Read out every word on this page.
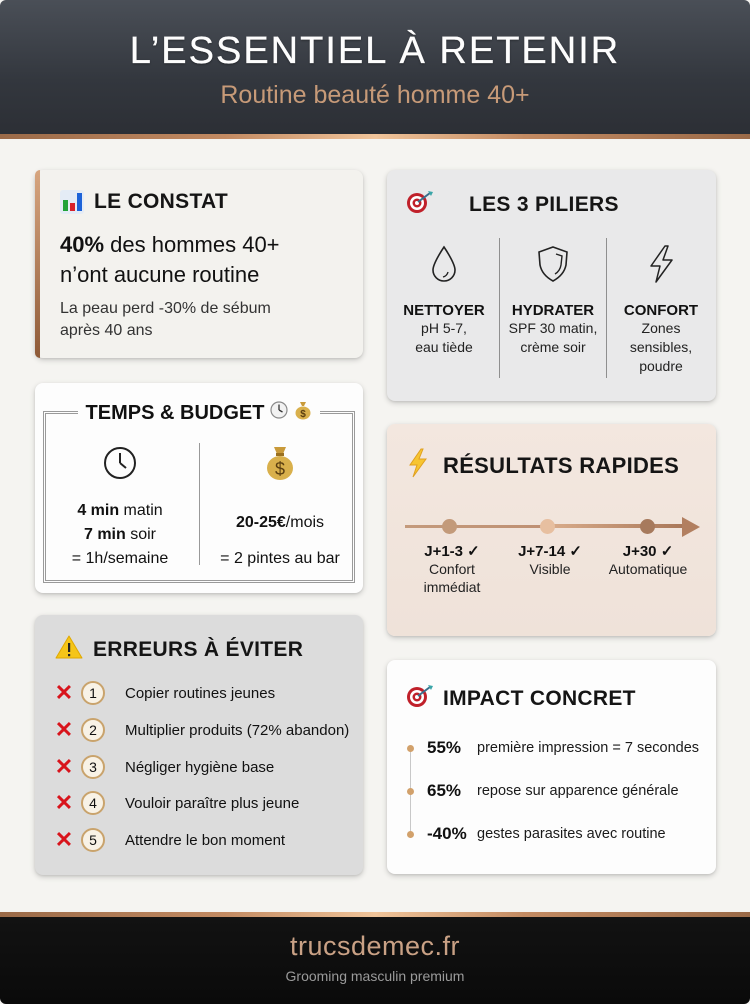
L’ESSENTIEL À RETENIR
Routine beauté homme 40+
LE CONSTAT
40% des hommes 40+
n’ont aucune routine
La peau perd -30% de sébum
après 40 ans
LES 3 PILIERS
NETTOYER
pH 5-7,
eau tiède
HYDRATER
SPF 30 matin,
crème soir
CONFORT
Zones
sensibles,
poudre
TEMPS & BUDGET	$
4 min matin
7 min soir
= 1h/semaine
$
20-25€/mois
= 2 pintes au bar
RÉSULTATS RAPIDES
J+1-3 ✓
Confort
immédiat
J+7-14 ✓
Visible
J+30 ✓
Automatique
ERREURS À ÉVITER
✕	1	Copier routines jeunes
✕	2	Multiplier produits (72% abandon)
✕	3	Négliger hygiène base
✕	4	Vouloir paraître plus jeune
✕	5	Attendre le bon moment
IMPACT CONCRET
55%	première impression = 7 secondes
65%	repose sur apparence générale
-40% gestes parasites avec routine
trucsdemec.fr
Grooming masculin premium
